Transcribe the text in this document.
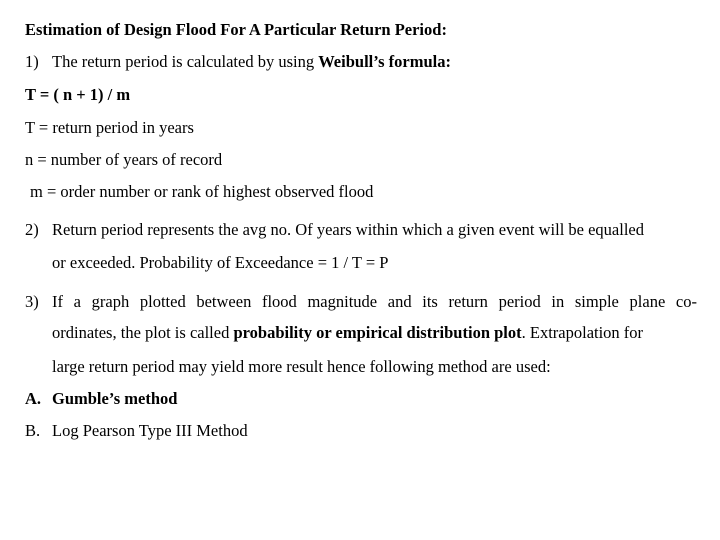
Estimation of Design Flood For A Particular Return Period:
1) The return period is calculated by using Weibull’s formula:
T = ( n + 1) / m
T = return period in years
n = number of years of record
m = order number or rank of highest observed flood
2) Return period represents the avg no. Of years within which a given event will be equalled
or exceeded. Probability of Exceedance = 1 / T = P
3) If a graph plotted between flood magnitude and its return period in simple plane co-
ordinates, the plot is called probability or empirical distribution plot. Extrapolation for
large return period may yield more result hence following method are used:
A. Gumble’s method
B. Log Pearson Type III Method
